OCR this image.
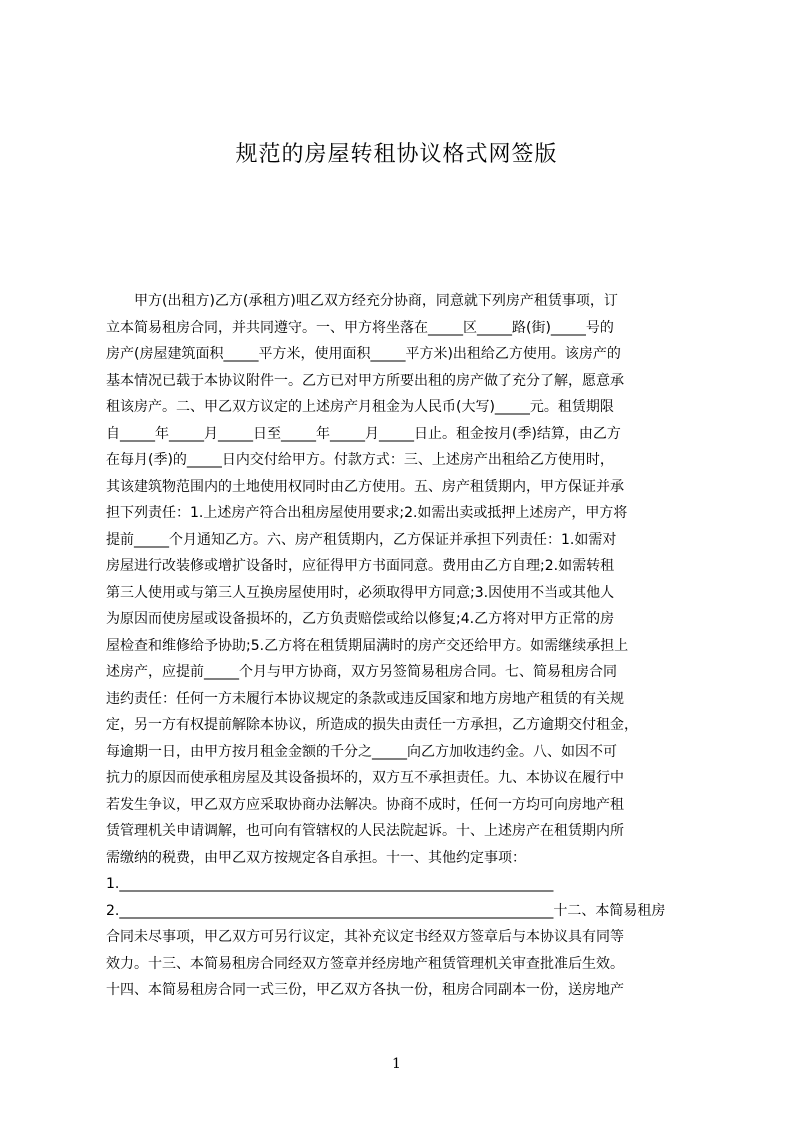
规范的房屋转租协议格式网签版
　　甲方(出租方)乙方(承租方)咀乙双方经充分协商，同意就下列房产租赁事项，订
立本简易租房合同，并共同遵守。一、甲方将坐落在_____区_____路(街)_____号的
房产(房屋建筑面积_____平方米，使用面积_____平方米)出租给乙方使用。该房产的
基本情况已载于本协议附件一。乙方已对甲方所要出租的房产做了充分了解，愿意承
租该房产。二、甲乙双方议定的上述房产月租金为人民币(大写)_____元。租赁期限
自_____年_____月_____日至_____年_____月_____日止。租金按月(季)结算，由乙方
在每月(季)的_____日内交付给甲方。付款方式：三、上述房产出租给乙方使用时，
其该建筑物范围内的土地使用权同时由乙方使用。五、房产租赁期内，甲方保证并承
担下列责任：1.上述房产符合出租房屋使用要求;2.如需出卖或抵押上述房产，甲方将
提前_____个月通知乙方。六、房产租赁期内，乙方保证并承担下列责任：1.如需对
房屋进行改装修或增扩设备时，应征得甲方书面同意。费用由乙方自理;2.如需转租
第三人使用或与第三人互换房屋使用时，必须取得甲方同意;3.因使用不当或其他人
为原因而使房屋或设备损坏的，乙方负责赔偿或给以修复;4.乙方将对甲方正常的房
屋检查和维修给予协助;5.乙方将在租赁期届满时的房产交还给甲方。如需继续承担上
述房产，应提前_____个月与甲方协商，双方另签简易租房合同。七、简易租房合同
违约责任：任何一方未履行本协议规定的条款或违反国家和地方房地产租赁的有关规
定，另一方有权提前解除本协议，所造成的损失由责任一方承担，乙方逾期交付租金，
每逾期一日，由甲方按月租金金额的千分之_____向乙方加收违约金。八、如因不可
抗力的原因而使承租房屋及其设备损坏的，双方互不承担责任。九、本协议在履行中
若发生争议，甲乙双方应采取协商办法解决。协商不成时，任何一方均可向房地产租
赁管理机关申请调解，也可向有管辖权的人民法院起诉。十、上述房产在租赁期内所
需缴纳的税费，由甲乙双方按规定各自承担。十一、其他约定事项：
1.______________________________________________________________
2.______________________________________________________________十二、本简易租房
合同未尽事项，甲乙双方可另行议定，其补充议定书经双方签章后与本协议具有同等
效力。十三、本简易租房合同经双方签章并经房地产租赁管理机关审查批准后生效。
十四、本简易租房合同一式三份，甲乙双方各执一份，租房合同副本一份，送房地产
1
